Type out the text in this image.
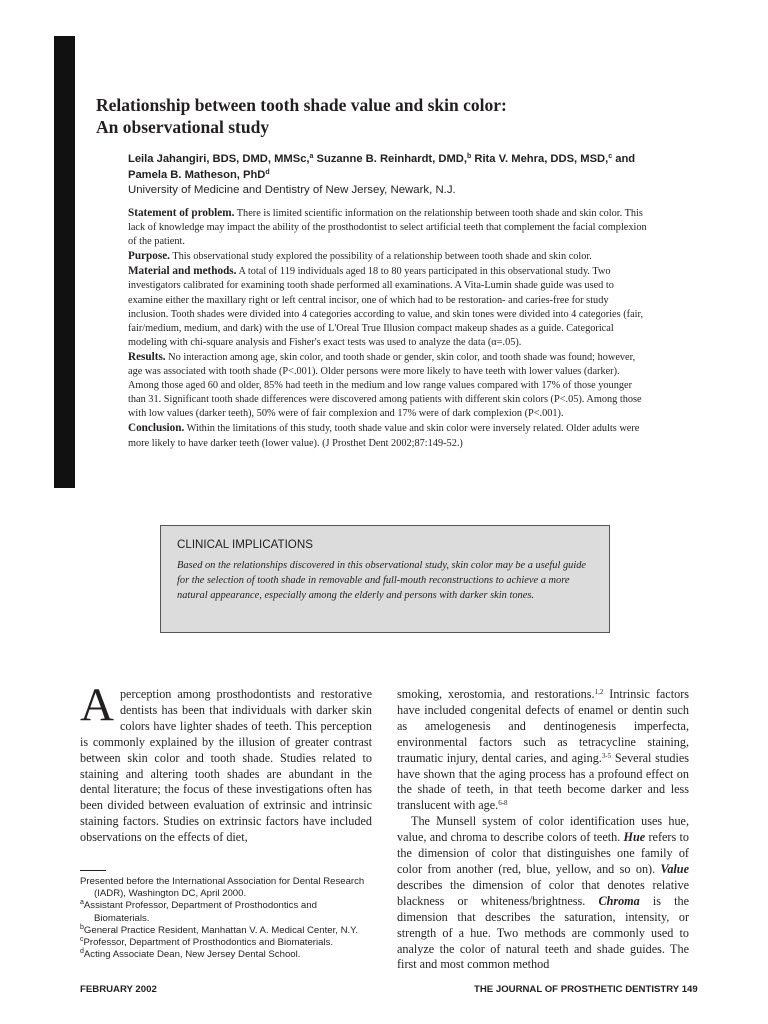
Relationship between tooth shade value and skin color:
An observational study
Leila Jahangiri, BDS, DMD, MMSc,$^a$ Suzanne B. Reinhardt, DMD,$^b$ Rita V. Mehra, DDS, MSD,$^c$ and
Pamela B. Matheson, PhD$^d$
University of Medicine and Dentistry of New Jersey, Newark, N.J.

Statement of problem. There is limited scientific information on the relationship between tooth shade and skin color. This lack of knowledge may impact the ability of the prosthodontist to select artificial teeth that complement the facial complexion of the patient.

Purpose. This observational study explored the possibility of a relationship between tooth shade and skin color.

Material and methods. A total of 119 individuals aged 18 to 80 years participated in this observational study. Two investigators calibrated for examining tooth shade performed all examinations. A Vita-Lumin shade guide was used to examine either the maxillary right or left central incisor, one of which had to be restoration- and caries-free for study inclusion. Tooth shades were divided into 4 categories according to value, and skin tones were divided into 4 categories (fair, fair/medium, medium, and dark) with the use of L'Oreal True Illusion compact makeup shades as a guide. Categorical modeling with chi-square analysis and Fisher's exact tests was used to analyze the data (α=.05).

Results. No interaction among age, skin color, and tooth shade or gender, skin color, and tooth shade was found; however, age was associated with tooth shade (P<.001). Older persons were more likely to have teeth with lower values (darker). Among those aged 60 and older, 85% had teeth in the medium and low range values compared with 17% of those younger than 31. Significant tooth shade differences were discovered among patients with different skin colors (P<.05). Among those with low values (darker teeth), 50% were of fair complexion and 17% were of dark complexion (P<.001).

Conclusion. Within the limitations of this study, tooth shade value and skin color were inversely related. Older adults were more likely to have darker teeth (lower value). (J Prosthet Dent 2002;87:149-52.)

CLINICAL IMPLICATIONS
Based on the relationships discovered in this observational study, skin color may be a useful guide for the selection of tooth shade in removable and full-mouth reconstructions to achieve a more natural appearance, especially among the elderly and persons with darker skin tones.
A perception among prosthodontists and restorative dentists has been that individuals with darker skin colors have lighter shades of teeth. This perception is commonly explained by the illusion of greater contrast between skin color and tooth shade. Studies related to staining and altering tooth shades are abundant in the dental literature; the focus of these investigations often has been divided between evaluation of extrinsic and intrinsic staining factors. Studies on extrinsic factors have included observations on the effects of diet,

smoking, xerostomia, and restorations.$^{1,2}$ Intrinsic factors have included congenital defects of enamel or dentin such as amelogenesis and dentinogenesis imperfecta, environmental factors such as tetracycline staining, traumatic injury, dental caries, and aging.$^{3-5}$ Several studies have shown that the aging process has a profound effect on the shade of teeth, in that teeth become darker and less translucent with age.$^{6-8}$

The Munsell system of color identification uses hue, value, and chroma to describe colors of teeth. Hue refers to the dimension of color that distinguishes one family of color from another (red, blue, yellow, and so on). Value describes the dimension of color that denotes relative blackness or whiteness/brightness. Chroma is the dimension that describes the saturation, intensity, or strength of a hue. Two methods are commonly used to analyze the color of natural teeth and shade guides. The first and most common method

Presented before the International Association for Dental Research (IADR), Washington DC, April 2000.

$^a$Assistant Professor, Department of Prosthodontics and Biomaterials.

$^b$General Practice Resident, Manhattan V. A. Medical Center, N.Y.

$^c$Professor, Department of Prosthodontics and Biomaterials.

$^d$Acting Associate Dean, New Jersey Dental School.

FEBRUARY 2002	THE JOURNAL OF PROSTHETIC DENTISTRY 149
